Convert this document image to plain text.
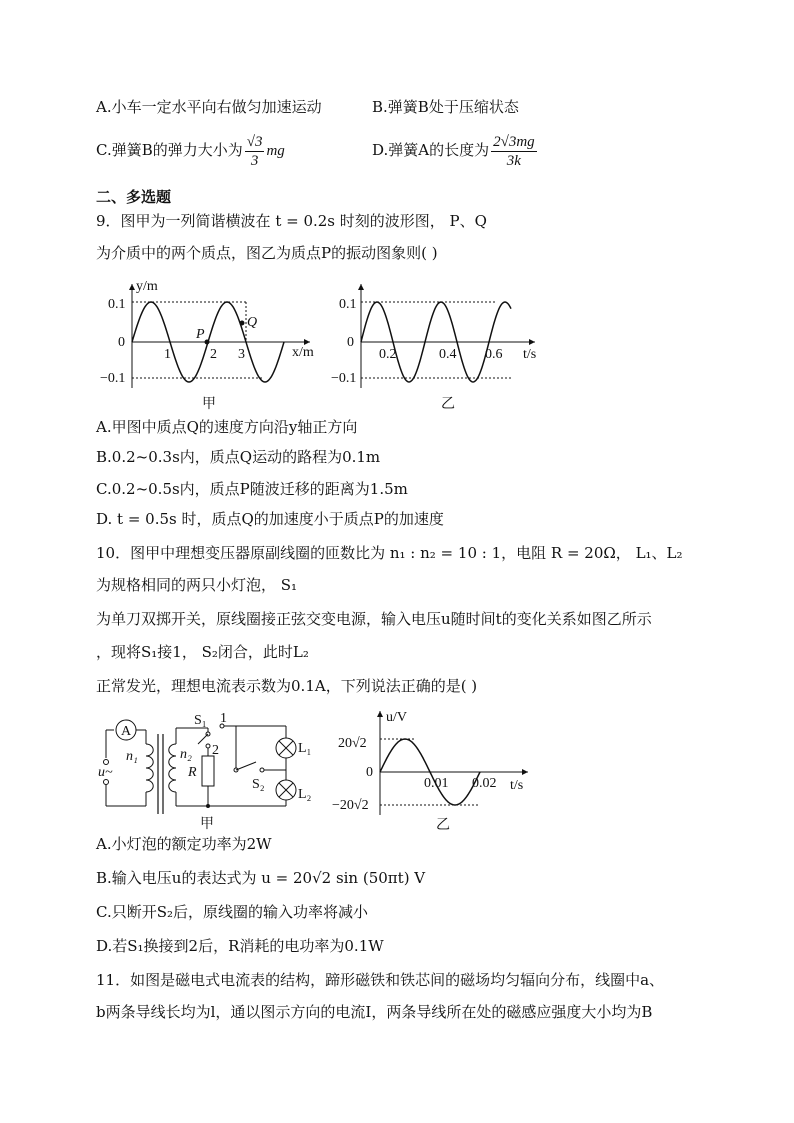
A.小车一定水平向右做匀加速运动	B.弹簧B处于压缩状态
C.弹簧B的弹力大小为 $\frac{√3}{3}$ mg	D.弹簧A的长度为 $\frac{2√3mg}{3k}$
二、多选题
9．图甲为一列简谐横波在 t = 0.2s 时刻的波形图， P、Q
为介质中的两个质点，图乙为质点P的振动图象则( )
y/m
x/m
0.1
−0.1
0
1	2 3
P
Q
甲
t/s
0.1
−0.1
0
0.2	0.4 0.6
乙
A.甲图中质点Q的速度方向沿y轴正方向
B.0.2~0.3s内，质点Q运动的路程为0.1m
C.0.2~0.5s内，质点P随波迁移的距离为1.5m
D. t = 0.5s 时，质点Q的加速度小于质点P的加速度
10．图甲中理想变压器原副线圈的匝数比为 n₁ : n₂ = 10 : 1，电阻 R = 20Ω， L₁、L₂
为规格相同的两只小灯泡， S₁
为单刀双掷开关，原线圈接正弦交变电源，输入电压u随时间t的变化关系如图乙所示
，现将S₁接1， S₂闭合，此时L₂
正常发光，理想电流表示数为0.1A，下列说法正确的是( )
A
u~
n₁	n₂
S₁ 1
2
R
L₁
L₂
S₂
甲
u/V
t/s
20√2
−20√2
0
0.01 0.02
乙
A.小灯泡的额定功率为2W
B.输入电压u的表达式为 u = 20√2 sin (50πt) V
C.只断开S₂后，原线圈的输入功率将减小
D.若S₁换接到2后，R消耗的电功率为0.1W
11．如图是磁电式电流表的结构，蹄形磁铁和铁芯间的磁场均匀辐向分布，线圈中a、
b两条导线长均为l，通以图示方向的电流I，两条导线所在处的磁感应强度大小均为B
